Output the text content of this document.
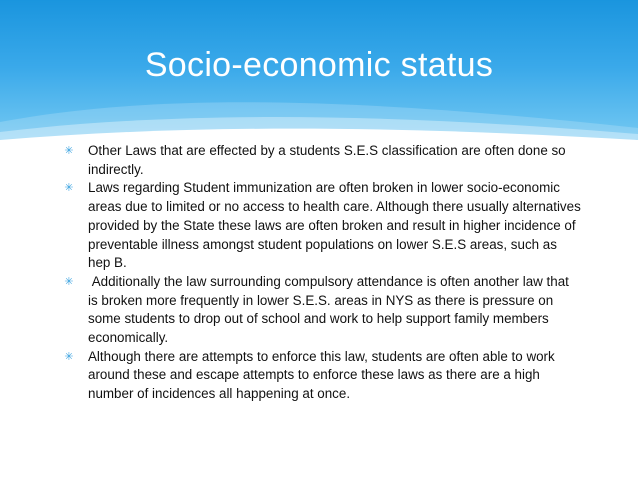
Socio-economic status
✳ Other Laws that are effected by a students S.E.S classification are often done so indirectly.
✳ Laws regarding Student immunization are often broken in lower socio-economic areas due to limited or no access to health care. Although there usually alternatives provided by the State these laws are often broken and result in higher incidence of preventable illness amongst student populations on lower S.E.S areas, such as hep B.
✳ Additionally the law surrounding compulsory attendance is often another law that is broken more frequently in lower S.E.S. areas in NYS as there is pressure on some students to drop out of school and work to help support family members economically.
✳ Although there are attempts to enforce this law, students are often able to work around these and escape attempts to enforce these laws as there are a high number of incidences all happening at once.
